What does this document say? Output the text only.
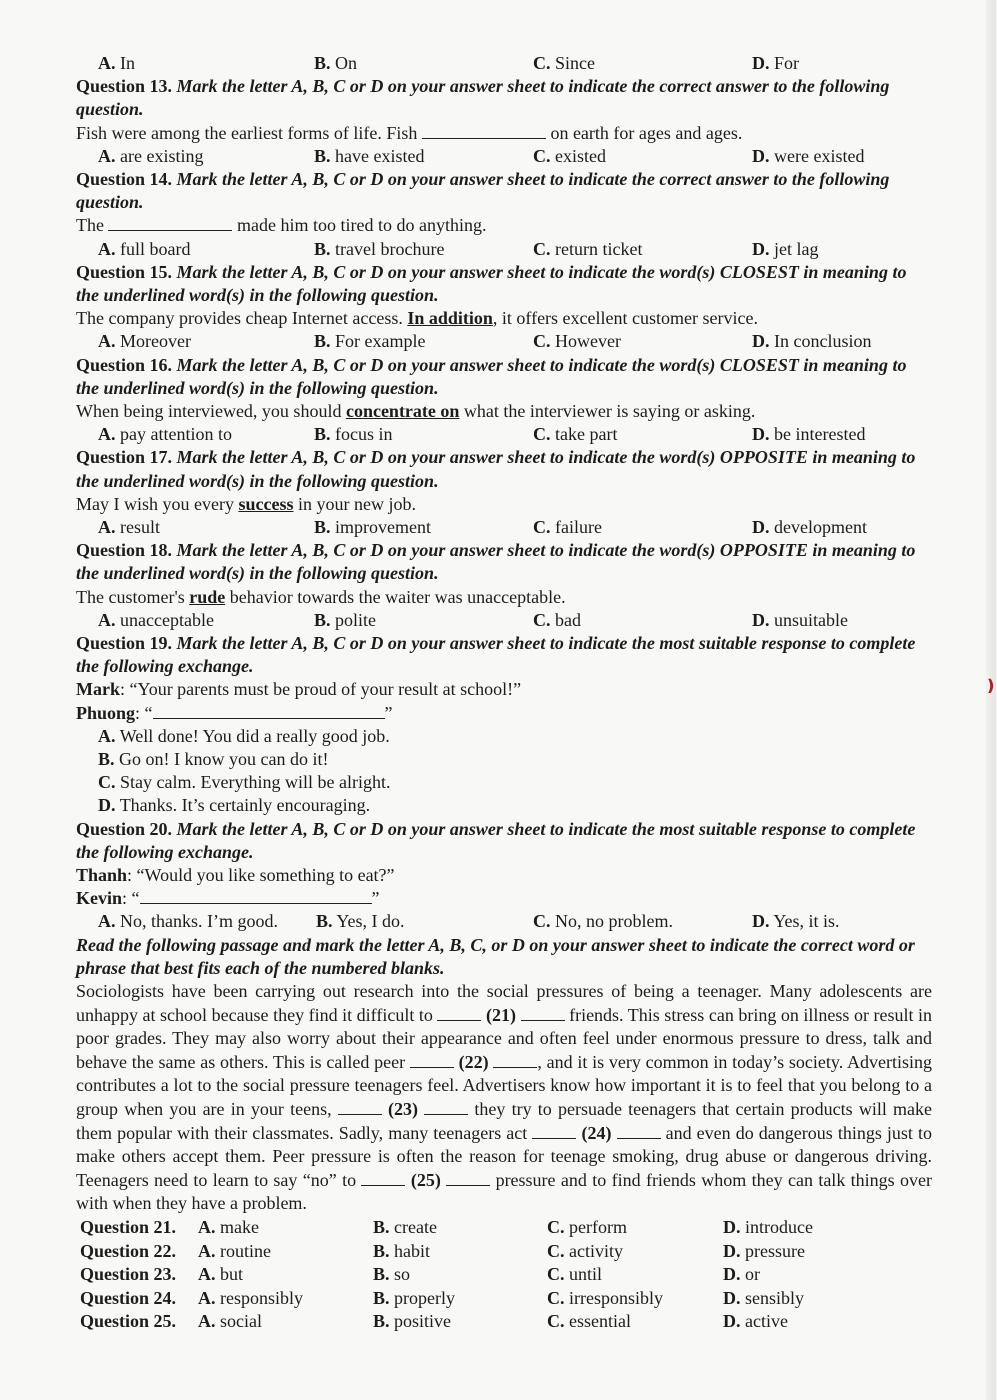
❫
A. In	B. On	C. Since	D. For
Question 13. Mark the letter A, B, C or D on your answer sheet to indicate the correct answer to the following question.
Fish were among the earliest forms of life. Fish	on earth for ages and ages.
A. are existing	B. have existed	C. existed	D. were existed
Question 14. Mark the letter A, B, C or D on your answer sheet to indicate the correct answer to the following question.
The	made him too tired to do anything.
A. full board	B. travel brochure	C. return ticket	D. jet lag
Question 15. Mark the letter A, B, C or D on your answer sheet to indicate the word(s) CLOSEST in meaning to the underlined word(s) in the following question.
The company provides cheap Internet access. In addition, it offers excellent customer service.
A. Moreover	B. For example	C. However	D. In conclusion
Question 16. Mark the letter A, B, C or D on your answer sheet to indicate the word(s) CLOSEST in meaning to the underlined word(s) in the following question.
When being interviewed, you should concentrate on what the interviewer is saying or asking.
A. pay attention to	B. focus in	C. take part	D. be interested
Question 17. Mark the letter A, B, C or D on your answer sheet to indicate the word(s) OPPOSITE in meaning to the underlined word(s) in the following question.
May I wish you every success in your new job.
A. result	B. improvement	C. failure	D. development
Question 18. Mark the letter A, B, C or D on your answer sheet to indicate the word(s) OPPOSITE in meaning to the underlined word(s) in the following question.
The customer's rude behavior towards the waiter was unacceptable.
A. unacceptable	B. polite	C. bad	D. unsuitable
Question 19. Mark the letter A, B, C or D on your answer sheet to indicate the most suitable response to complete the following exchange.
Mark: “Your parents must be proud of your result at school!”
Phuong: “	”
A. Well done! You did a really good job.
B. Go on! I know you can do it!
C. Stay calm. Everything will be alright.
D. Thanks. It’s certainly encouraging.
Question 20. Mark the letter A, B, C or D on your answer sheet to indicate the most suitable response to complete the following exchange.
Thanh: “Would you like something to eat?”
Kevin: “	”
A. No, thanks. I’m good. B. Yes, I do.	C. No, no problem.	D. Yes, it is.
Read the following passage and mark the letter A, B, C, or D on your answer sheet to indicate the correct word or phrase that best fits each of the numbered blanks.
Sociologists have been carrying out research into the social pressures of being a teenager. Many adolescents are unhappy at school because they find it difficult to	(21)	friends. This stress can bring on illness or result in poor grades. They may also worry about their appearance and often feel under enormous pressure to dress, talk and behave the same as others. This is called peer	(22)	, and it is very common in today’s society. Advertising contributes a lot to the social pressure teenagers feel. Advertisers know how important it is to feel that you belong to a group when you are in your teens,	(23)	they try to persuade teenagers that certain products will make them popular with their classmates. Sadly, many teenagers act	(24)	and even do dangerous things just to make others accept them. Peer pressure is often the reason for teenage smoking, drug abuse or dangerous driving. Teenagers need to learn to say “no” to	(25)	pressure and to find friends whom they can talk things over with when they have a problem.
Question 21. A. make	B. create	C. perform	D. introduce
Question 22. A. routine	B. habit	C. activity	D. pressure
Question 23. A. but	B. so	C. until	D. or
Question 24. A. responsibly	B. properly	C. irresponsibly	D. sensibly
Question 25. A. social	B. positive	C. essential	D. active
